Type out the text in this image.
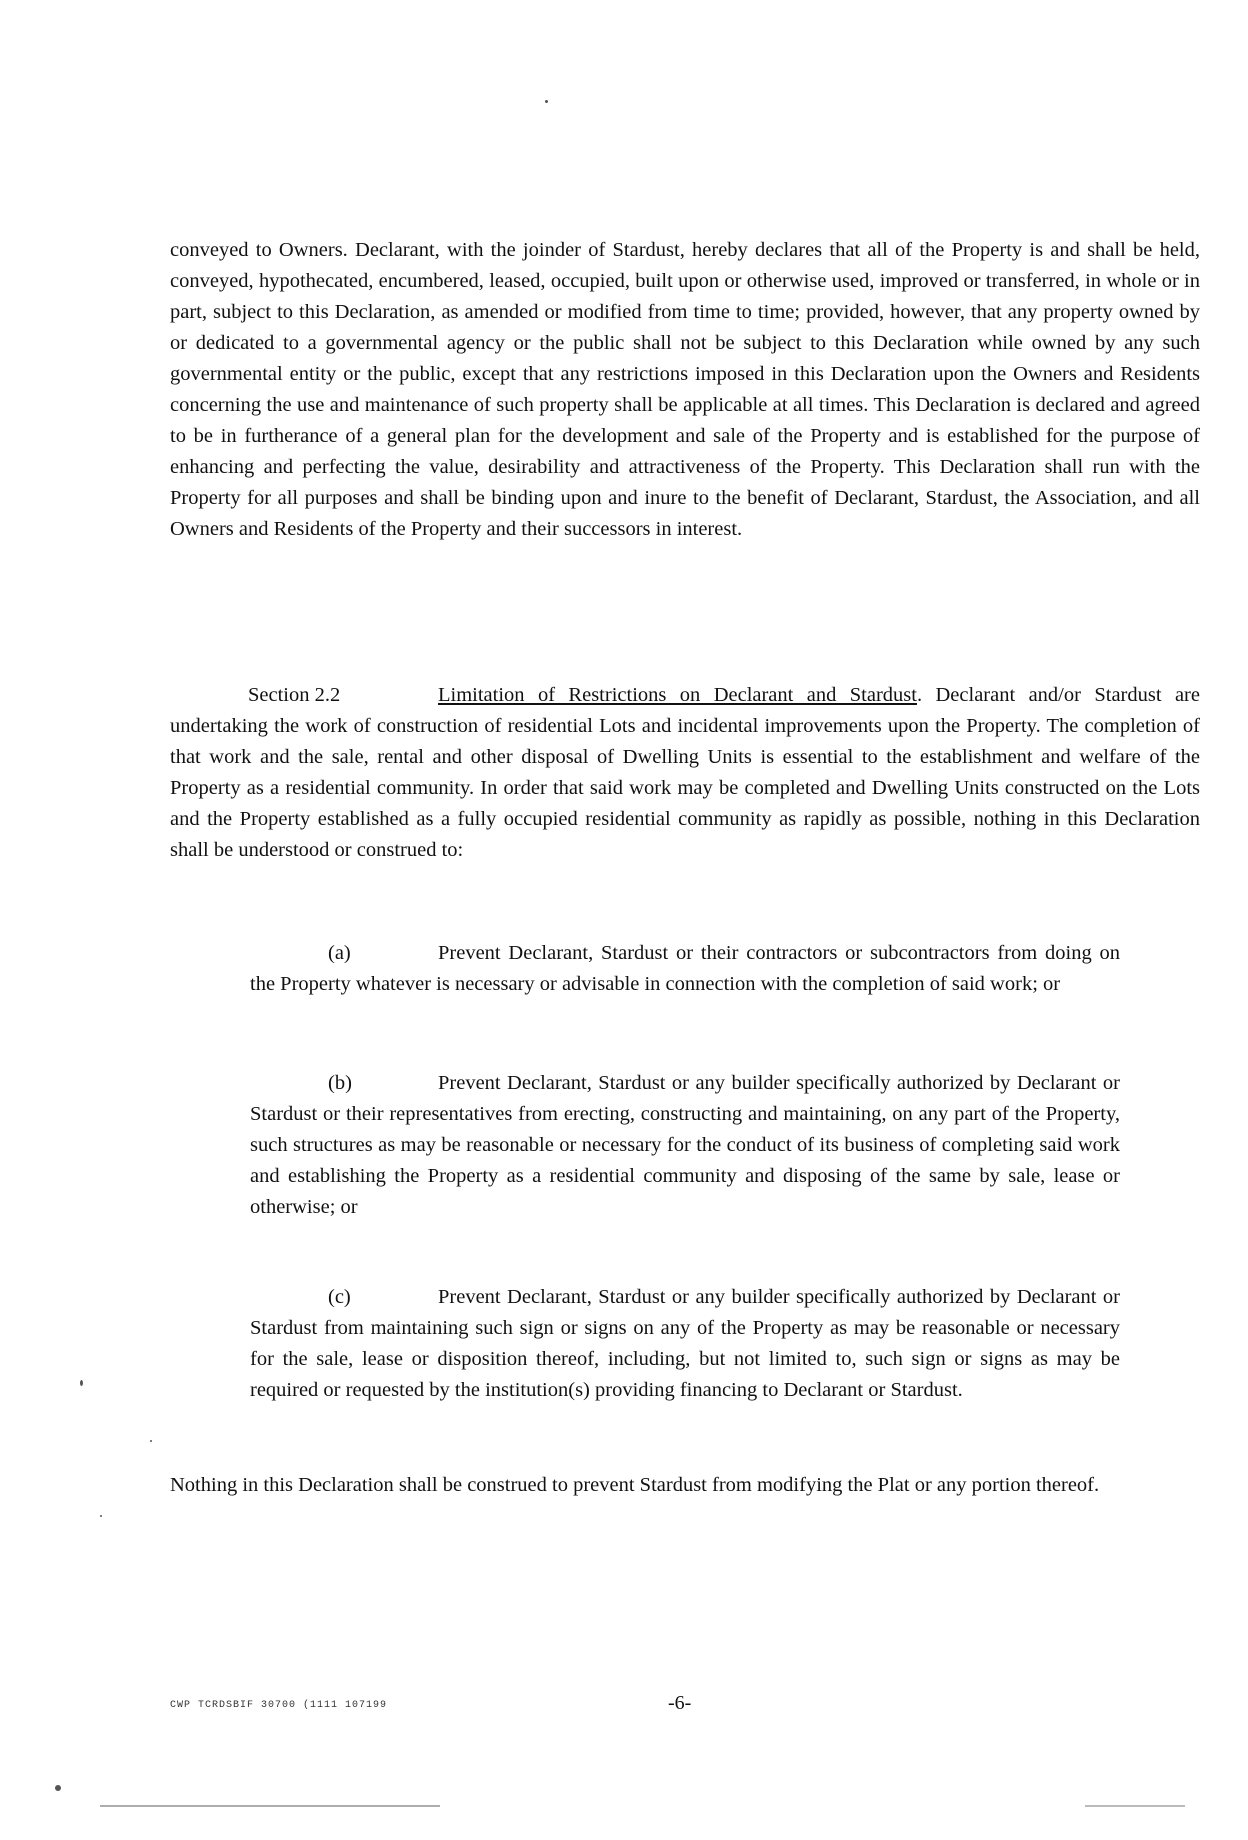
conveyed to Owners. Declarant, with the joinder of Stardust, hereby declares that all of the Property is and shall be held, conveyed, hypothecated, encumbered, leased, occupied, built upon or otherwise used, improved or transferred, in whole or in part, subject to this Declaration, as amended or modified from time to time; provided, however, that any property owned by or dedicated to a governmental agency or the public shall not be subject to this Declaration while owned by any such governmental entity or the public, except that any restrictions imposed in this Declaration upon the Owners and Residents concerning the use and maintenance of such property shall be applicable at all times. This Declaration is declared and agreed to be in furtherance of a general plan for the development and sale of the Property and is established for the purpose of enhancing and perfecting the value, desirability and attractiveness of the Property. This Declaration shall run with the Property for all purposes and shall be binding upon and inure to the benefit of Declarant, Stardust, the Association, and all Owners and Residents of the Property and their successors in interest.

Section 2.2	Limitation of Restrictions on Declarant and Stardust. Declarant and/or Stardust are undertaking the work of construction of residential Lots and incidental improvements upon the Property. The completion of that work and the sale, rental and other disposal of Dwelling Units is essential to the establishment and welfare of the Property as a residential community. In order that said work may be completed and Dwelling Units constructed on the Lots and the Property established as a fully occupied residential community as rapidly as possible, nothing in this Declaration shall be understood or construed to:

(a)	Prevent Declarant, Stardust or their contractors or subcontractors from doing on the Property whatever is necessary or advisable in connection with the completion of said work; or

(b)	Prevent Declarant, Stardust or any builder specifically authorized by Declarant or Stardust or their representatives from erecting, constructing and maintaining, on any part of the Property, such structures as may be reasonable or necessary for the conduct of its business of completing said work and establishing the Property as a residential community and disposing of the same by sale, lease or otherwise; or

(c)	Prevent Declarant, Stardust or any builder specifically authorized by Declarant or Stardust from maintaining such sign or signs on any of the Property as may be reasonable or necessary for the sale, lease or disposition thereof, including, but not limited to, such sign or signs as may be required or requested by the institution(s) providing financing to Declarant or Stardust.

Nothing in this Declaration shall be construed to prevent Stardust from modifying the Plat or any portion thereof.

CWP TCRDSBIF 30700 (1111 107199	-6-
